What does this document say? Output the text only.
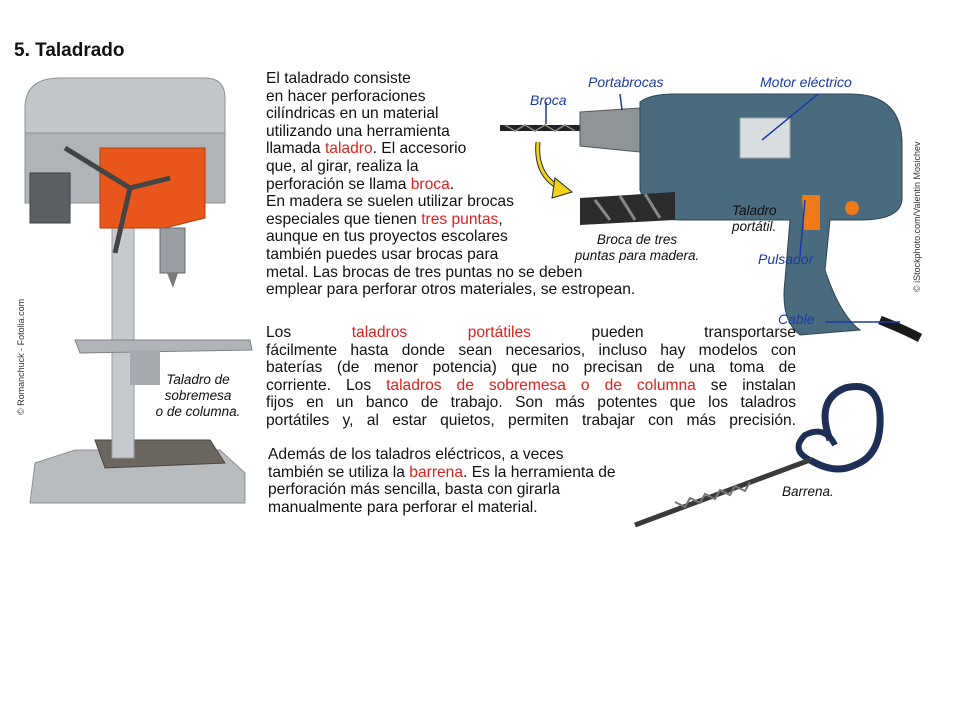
5. Taladrado
© Romanchuck - Fotolia.com	Taladro de
sobremesa
o de columna.
El taladrado consiste
en hacer perforaciones
cilíndricas en un material
utilizando una herramienta
llamada taladro. El accesorio
que, al girar, realiza la
perforación se llama broca.
En madera se suelen utilizar brocas
especiales que tienen tres puntas,
aunque en tus proyectos escolares
también puedes usar brocas para
metal. Las brocas de tres puntas no se deben
emplear para perforar otros materiales, se estropean.
Portabrocas	Motor eléctrico
Broca
Taladro
portátil.
Pulsador
Cable
Broca de tres
puntas para madera.	© iStockphoto.com/Valentin Mosichev
Los taladros portátiles pueden transportarse
fácilmente hasta donde sean necesarios, incluso hay modelos con
baterías (de menor potencia) que no precisan de una toma de
corriente. Los taladros de sobremesa o de columna se instalan
fijos en un banco de trabajo. Son más potentes que los taladros
portátiles y, al estar quietos, permiten trabajar con más precisión.
Además de los taladros eléctricos, a veces
también se utiliza la barrena. Es la herramienta de
perforación más sencilla, basta con girarla
manualmente para perforar el material.
Barrena.
